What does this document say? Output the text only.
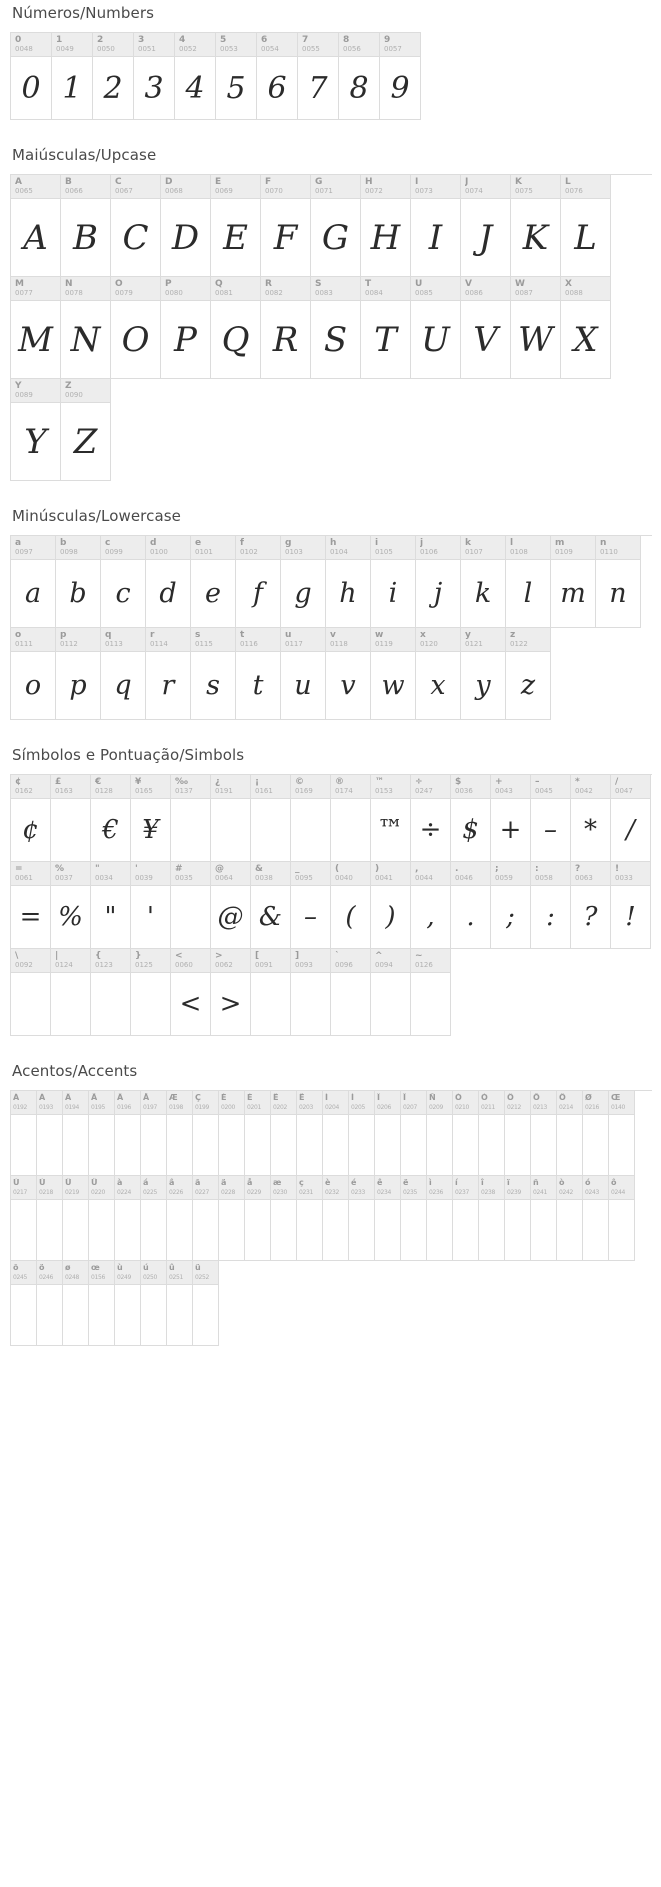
Números/Numbers
0
0048
0
1
0049
1
2
0050
2
3
0051
3
4
0052
4
5
0053
5
6
0054
6
7
0055
7
8
0056
8
9
0057
9
Maiúsculas/Upcase
A
0065
A
B
0066
B
C
0067
C
D
0068
D
E
0069
E
F
0070
F
G
0071
G
H
0072
H
I
0073
I
J
0074
J
K
0075
K
L
0076
L
M
0077
M
N
0078
N
O
0079
O
P
0080
P
Q
0081
Q
R
0082
R
S
0083
S
T
0084
T
U
0085
U
V
0086
V
W
0087
W
X
0088
X
Y
0089
Y
Z
0090
Z
Minúsculas/Lowercase
a
0097
a
b
0098
b
c
0099
c
d
0100
d
e
0101
e
f
0102
f
g
0103
g
h
0104
h
i
0105
i
j
0106
j
k
0107
k
l
0108
l
m
0109
m
n
0110
n
o
0111
o
p
0112
p
q
0113
q
r
0114
r
s
0115
s
t
0116
t
u
0117
u
v
0118
v
w
0119
w
x
0120
x
y
0121
y
z
0122
z
Símbolos e Pontuação/Simbols
¢
0162
¢
£
0163
€
0128
€
¥
0165
¥
‰
0137
¿
0191
¡
0161
©
0169
®
0174
™
0153
™
÷
0247
÷
$
0036
$
+
0043
+
–
0045
–
*
0042
*
/
0047
/
=
0061
=
%
0037
%
"
0034
"
'
0039
'
#
0035
@
0064
@
&
0038
&
_
0095
–
(
0040
(
)
0041
)
,
0044
,
.
0046
.
;
0059
;
:
0058
:
?
0063
?
!
0033
!
\
0092
|
0124
{
0123
}
0125
<
0060
<
>
0062
>
[
0091
]
0093
`
0096
^
0094
~
0126
Acentos/Accents
À
0192
Á
0193
Â
0194
Ã
0195
Ä
0196
Å
0197
Æ
0198
Ç
0199
È
0200
É
0201
Ê
0202
Ë
0203
Ì
0204
Í
0205
Î
0206
Ï
0207
Ñ
0209
Ò
0210
Ó
0211
Ô
0212
Õ
0213
Ö
0214
Ø
0216
Œ
0140
Ù
0217
Ú
0218
Û
0219
Ü
0220
à
0224
á
0225
â
0226
ã
0227
ä
0228
å
0229
æ
0230
ç
0231
è
0232
é
0233
ê
0234
ë
0235
ì
0236
í
0237
î
0238
ï
0239
ñ
0241
ò
0242
ó
0243
ô
0244
õ
0245
ö
0246
ø
0248
œ
0156
ù
0249
ú
0250
û
0251
ü
0252
